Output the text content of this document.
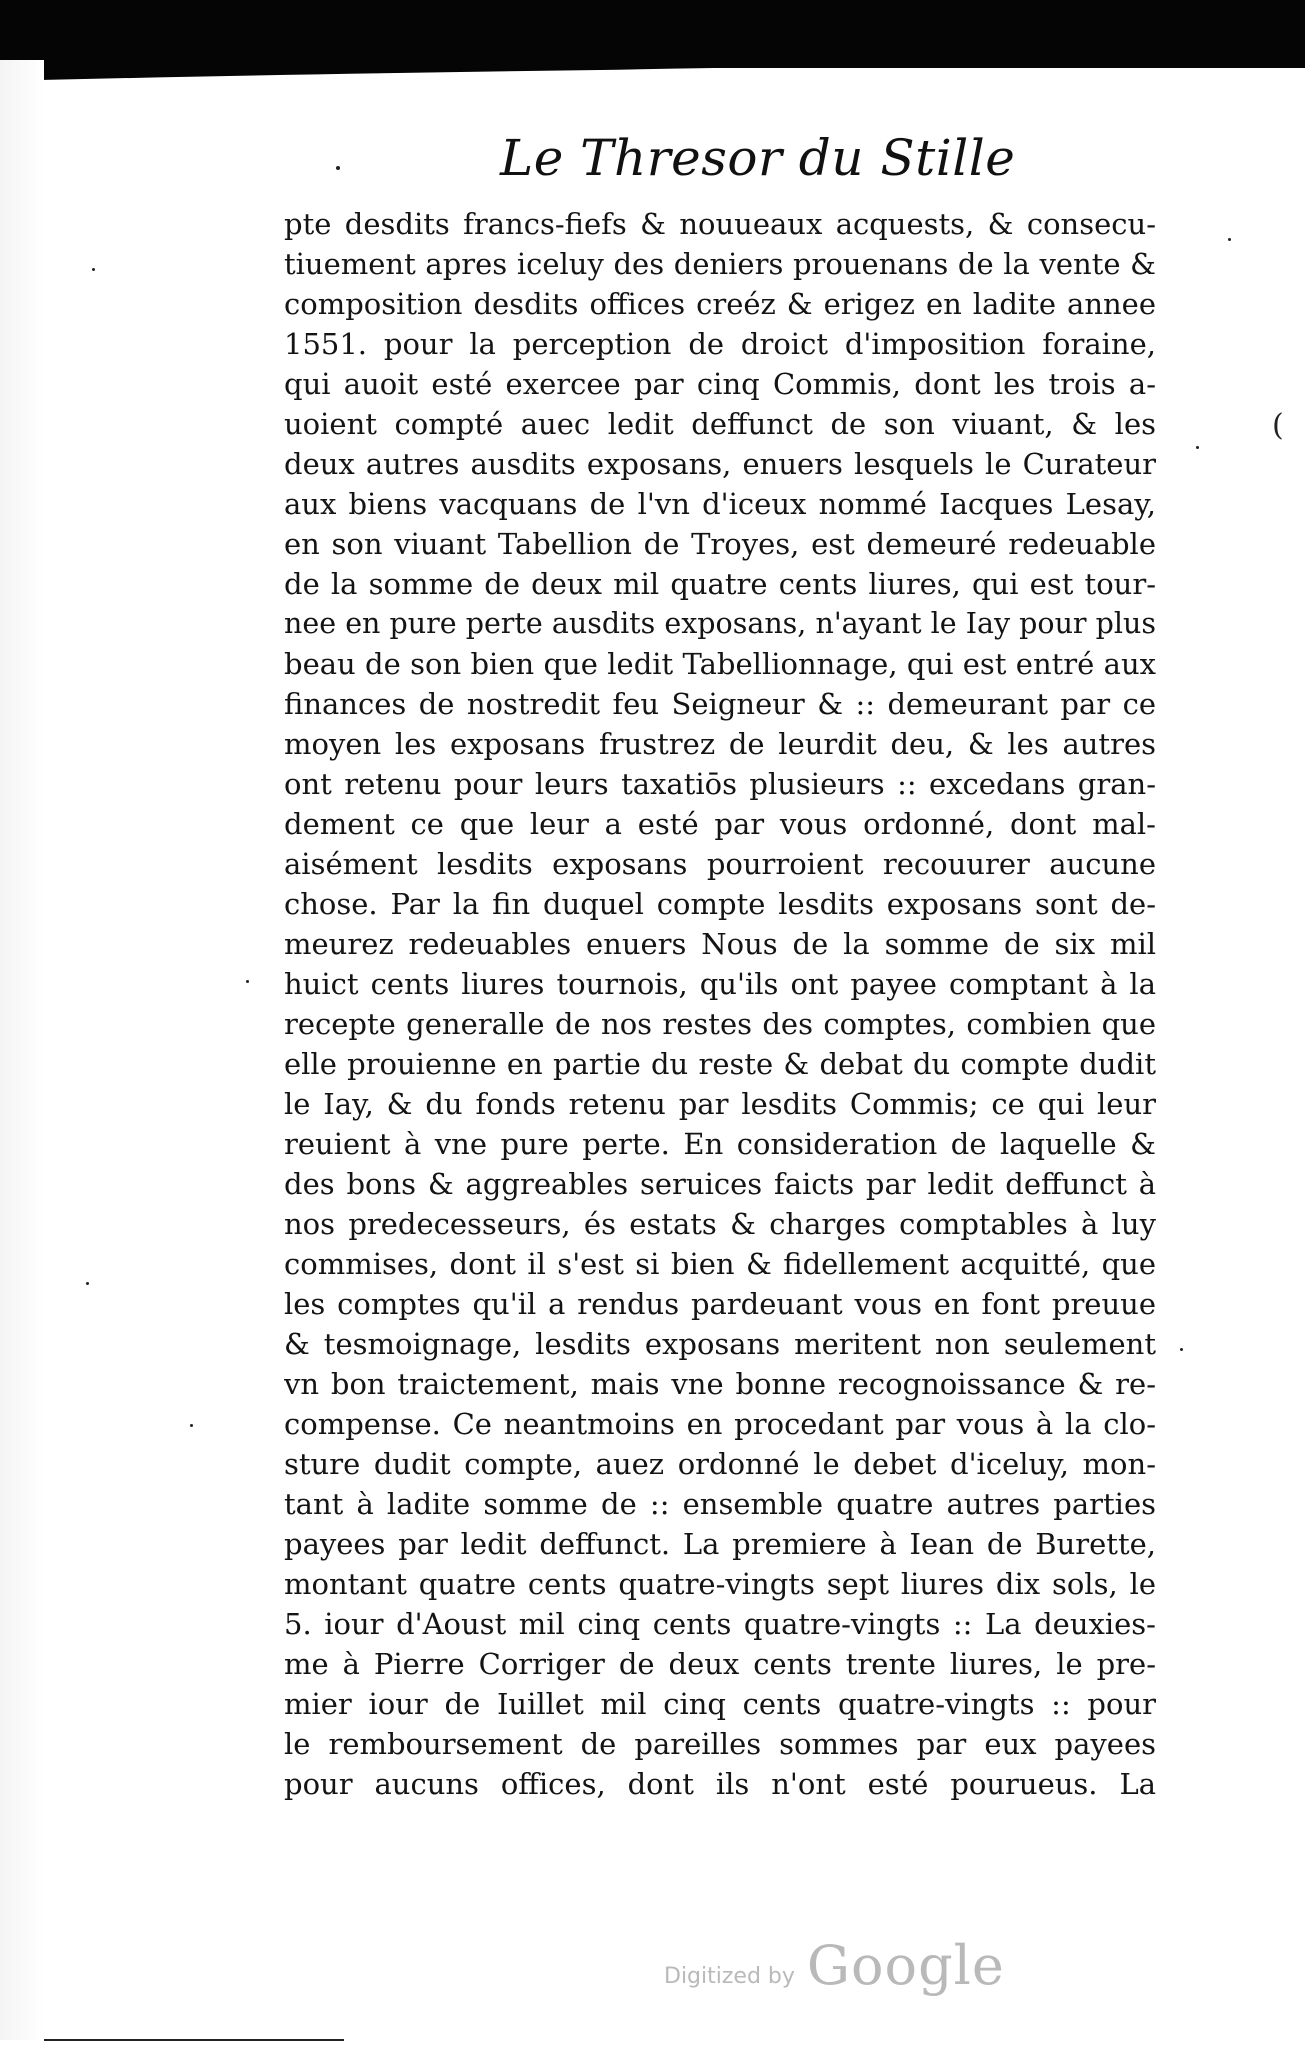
Le Thresor du Stille
pte desdits francs-fiefs & nouueaux acquests, & consecu-
tiuement apres iceluy des deniers prouenans de la vente &
composition desdits offices creéz & erigez en ladite annee
1551. pour la perception de droict d'imposition foraine,
qui auoit esté exercee par cinq Commis, dont les trois a-
uoient compté auec ledit deffunct de son viuant, & les
deux autres ausdits exposans, enuers lesquels le Curateur
aux biens vacquans de l'vn d'iceux nommé Iacques Lesay,
en son viuant Tabellion de Troyes, est demeuré redeuable
de la somme de deux mil quatre cents liures, qui est tour-
nee en pure perte ausdits exposans, n'ayant le Iay pour plus
beau de son bien que ledit Tabellionnage, qui est entré aux
finances de nostredit feu Seigneur & :: demeurant par ce
moyen les exposans frustrez de leurdit deu, & les autres
ont retenu pour leurs taxatiōs plusieurs :: excedans gran-
dement ce que leur a esté par vous ordonné, dont mal-
aisément lesdits exposans pourroient recouurer aucune
chose. Par la fin duquel compte lesdits exposans sont de-
meurez redeuables enuers Nous de la somme de six mil
huict cents liures tournois, qu'ils ont payee comptant à la
recepte generalle de nos restes des comptes, combien que
elle prouienne en partie du reste & debat du compte dudit
le Iay, & du fonds retenu par lesdits Commis; ce qui leur
reuient à vne pure perte. En consideration de laquelle &
des bons & aggreables seruices faicts par ledit deffunct à
nos predecesseurs, és estats & charges comptables à luy
commises, dont il s'est si bien & fidellement acquitté, que
les comptes qu'il a rendus pardeuant vous en font preuue
& tesmoignage, lesdits exposans meritent non seulement
vn bon traictement, mais vne bonne recognoissance & re-
compense. Ce neantmoins en procedant par vous à la clo-
sture dudit compte, auez ordonné le debet d'iceluy, mon-
tant à ladite somme de :: ensemble quatre autres parties
payees par ledit deffunct. La premiere à Iean de Burette,
montant quatre cents quatre-vingts sept liures dix sols, le
5. iour d'Aoust mil cinq cents quatre-vingts :: La deuxies-
me à Pierre Corriger de deux cents trente liures, le pre-
mier iour de Iuillet mil cinq cents quatre-vingts :: pour
le remboursement de pareilles sommes par eux payees
pour aucuns offices, dont ils n'ont esté pourueus. La
(
Digitized by Google
